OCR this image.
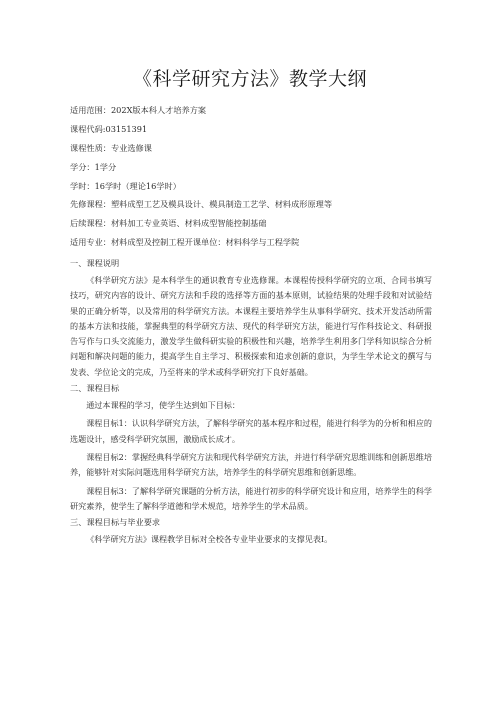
《科学研究方法》教学大纲
适用范围：202X版本科人才培养方案
课程代码:03151391
课程性质：专业选修课
学分：1学分
学时：16学时（理论16学时）
先修课程：塑料成型工艺及模具设计、模具制造工艺学、材料成形原理等
后续课程：材料加工专业英语、材料成型智能控制基础
适用专业：材料成型及控制工程开课单位：材料科学与工程学院
一、课程说明

《科学研究方法》是本科学生的通识教育专业选修课。本课程传授科学研究的立项、合同书填写技巧，研究内容的设计、研究方法和手段的选择等方面的基本原则，试验结果的处理手段和对试验结果的正确分析等，以及常用的科学研究方法。本课程主要培养学生从事科学研究、技术开发活动所需的基本方法和技能，掌握典型的科学研究方法、现代的科学研究方法，能进行写作科技论文、科研报告写作与口头交流能力，激发学生做科研实验的积极性和兴趣，培养学生利用多门学科知识综合分析问题和解决问题的能力，提高学生自主学习、积极探索和追求创新的意识，为学生学术论文的撰写与发表、学位论文的完成，乃至将来的学术或科学研究打下良好基础。

二、课程目标

通过本课程的学习，使学生达到如下目标：

课程目标1：认识科学研究方法，了解科学研究的基本程序和过程，能进行科学为的分析和相应的选题设计，感受科学研究氛围，激励成长成才。

课程目标2：掌握经典科学研究方法和现代科学研究方法，并进行科学研究思维训练和创新思维培养，能够针对实际问题选用科学研究方法，培养学生的科学研究思维和创新思维。

课程目标3：了解科学研究课题的分析方法，能进行初步的科学研究设计和应用，培养学生的科学研究素养，使学生了解科学道德和学术规范，培养学生的学术品质。

三、课程目标与毕业要求

《科学研究方法》课程教学目标对全校各专业毕业要求的支撑见表I。
